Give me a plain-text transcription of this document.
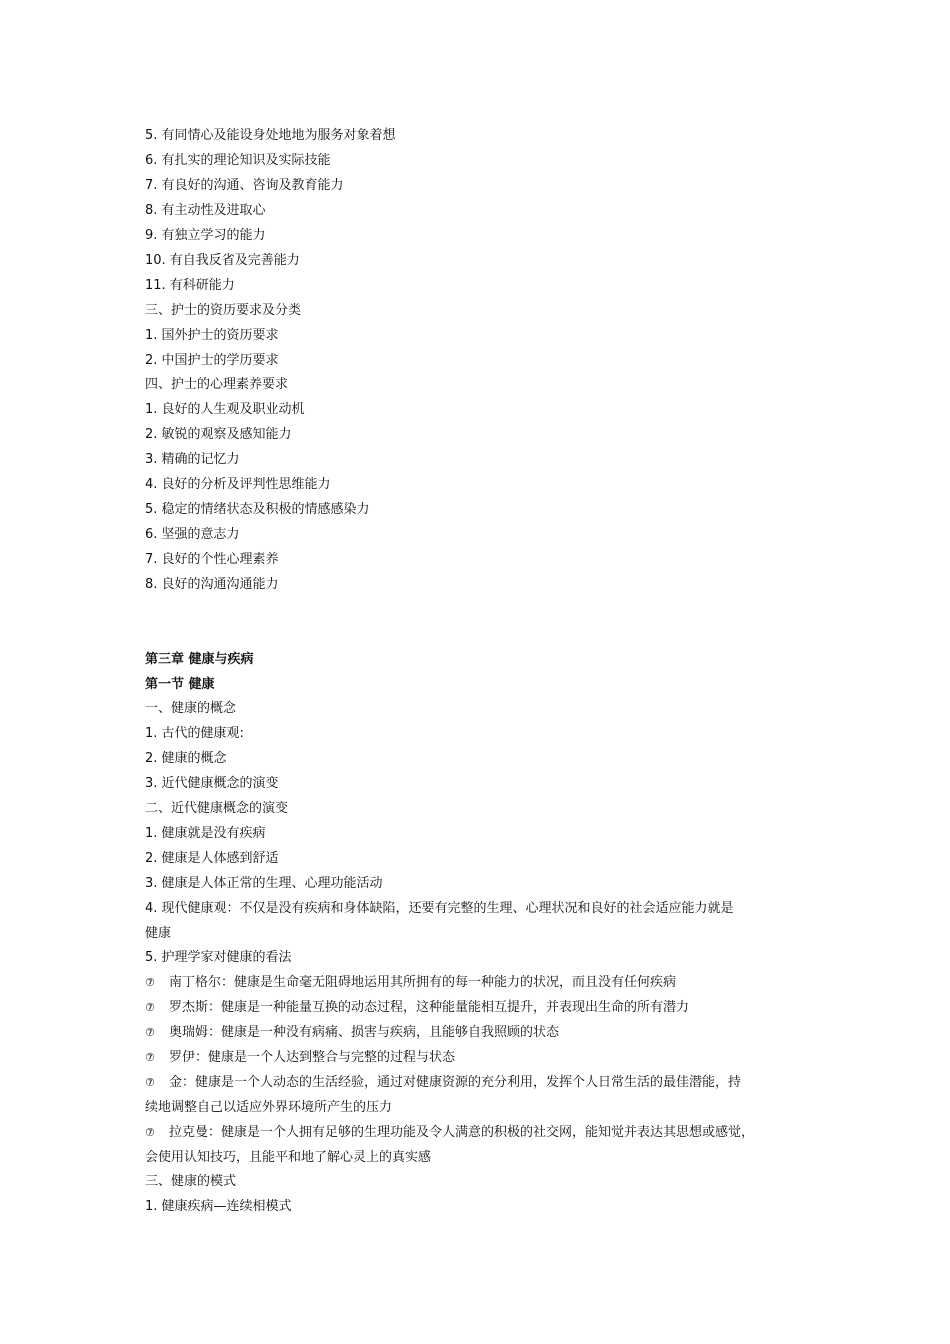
5. 有同情心及能设身处地地为服务对象着想
6. 有扎实的理论知识及实际技能
7. 有良好的沟通、咨询及教育能力
8. 有主动性及进取心
9. 有独立学习的能力
10. 有自我反省及完善能力
11. 有科研能力
三、护士的资历要求及分类
1. 国外护士的资历要求
2. 中国护士的学历要求
四、护士的心理素养要求
1. 良好的人生观及职业动机
2. 敏锐的观察及感知能力
3. 精确的记忆力
4. 良好的分析及评判性思维能力
5. 稳定的情绪状态及积极的情感感染力
6. 坚强的意志力
7. 良好的个性心理素养
8. 良好的沟通沟通能力
第三章 健康与疾病
第一节 健康
一、健康的概念
1. 古代的健康观:
2. 健康的概念
3. 近代健康概念的演变
二、近代健康概念的演变
1. 健康就是没有疾病
2. 健康是人体感到舒适
3. 健康是人体正常的生理、心理功能活动
4. 现代健康观：不仅是没有疾病和身体缺陷，还要有完整的生理、心理状况和良好的社会适应能力就是
健康
5. 护理学家对健康的看法
⑦ 南丁格尔：健康是生命毫无阻碍地运用其所拥有的每一种能力的状况，而且没有任何疾病
⑦ 罗杰斯：健康是一种能量互换的动态过程，这种能量能相互提升，并表现出生命的所有潜力
⑦ 奥瑞姆：健康是一种没有病痛、损害与疾病，且能够自我照顾的状态
⑦ 罗伊：健康是一个人达到整合与完整的过程与状态
⑦ 金：健康是一个人动态的生活经验，通过对健康资源的充分利用，发挥个人日常生活的最佳潜能，持
续地调整自己以适应外界环境所产生的压力
⑦ 拉克曼：健康是一个人拥有足够的生理功能及令人满意的积极的社交网，能知觉并表达其思想或感觉，
会使用认知技巧，且能平和地了解心灵上的真实感
三、健康的模式
1. 健康疾病—连续相模式
